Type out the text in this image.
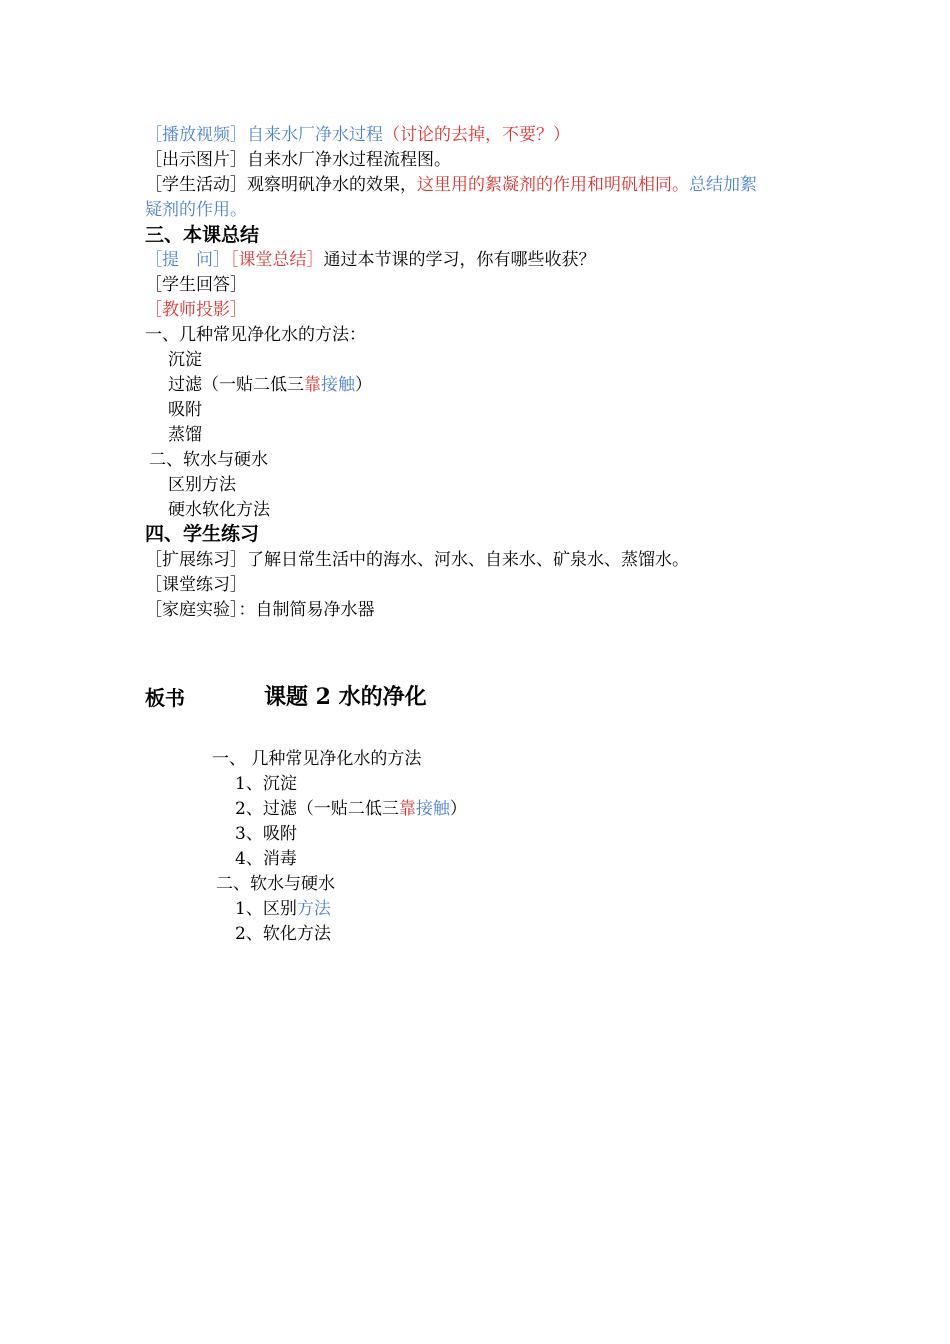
［播放视频］自来水厂净水过程（讨论的去掉，不要？）
［出示图片］自来水厂净水过程流程图。
［学生活动］观察明矾净水的效果，这里用的絮凝剂的作用和明矾相同。总结加絮
疑剂的作用。
三、本课总结
［提　问］［课堂总结］通过本节课的学习，你有哪些收获？
［学生回答］
［教师投影］
一、几种常见净化水的方法：
沉淀
过滤（一贴二低三靠接触）
吸附
蒸馏
二、软水与硬水
区别方法
硬水软化方法
四、学生练习
［扩展练习］了解日常生活中的海水、河水、自来水、矿泉水、蒸馏水。
［课堂练习］
［家庭实验］：自制简易净水器
板书	课题 2 水的净化
一、 几种常见净化水的方法
1、沉淀
2、过滤（一贴二低三靠接触）
3、吸附
4、消毒
二、软水与硬水
1、区别方法
2、软化方法
